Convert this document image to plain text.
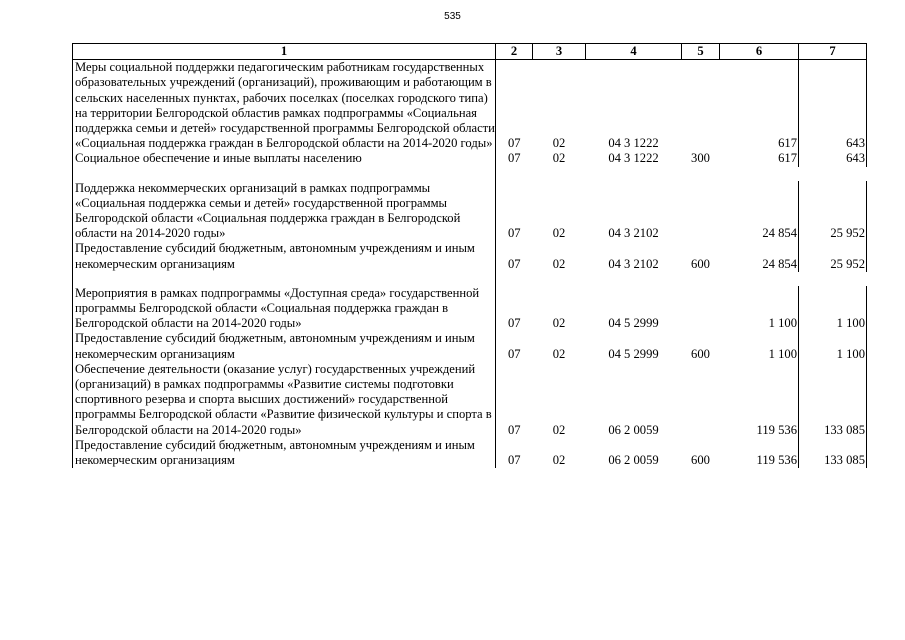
535
1	2	3	4	5	6	7
Меры социальной поддержки педагогическим работникам государственных образовательных учреждений (организаций), проживающим и работающим в сельских населенных пунктах, рабочих поселках (поселках городского типа) на территории Белгородской областив рамках подпрограммы «Социальная поддержка семьи и детей» государственной программы Белгородской области «Социальная поддержка граждан в Белгородской области на 2014-2020 годы»	07	02	04 3 1222		617	643
Социальное обеспечение и иные выплаты населению	07	02	04 3 1222	300	617	643

Поддержка некоммерческих организаций в рамках подпрограммы «Социальная поддержка семьи и детей» государственной программы Белгородской области «Социальная поддержка граждан в Белгородской области на 2014-2020 годы»	07	02	04 3 2102		24 854	25 952
Предоставление субсидий бюджетным, автономным учреждениям и иным некомерческим организациям	07	02	04 3 2102	600	24 854	25 952

Мероприятия в рамках подпрограммы «Доступная среда» государственной программы Белгородской области «Социальная поддержка граждан в Белгородской области на 2014-2020 годы»	07	02	04 5 2999		1 100	1 100
Предоставление субсидий бюджетным, автономным учреждениям и иным некомерческим организациям	07	02	04 5 2999	600	1 100	1 100
Обеспечение деятельности (оказание услуг) государственных учреждений (организаций) в рамках подпрограммы «Развитие системы подготовки спортивного резерва и спорта высших достижений» государственной программы Белгородской области «Развитие физической культуры и спорта в Белгородской области на 2014-2020 годы»	07	02	06 2 0059		119 536	133 085
Предоставление субсидий бюджетным, автономным учреждениям и иным некомерческим организациям	07	02	06 2 0059	600	119 536	133 085
